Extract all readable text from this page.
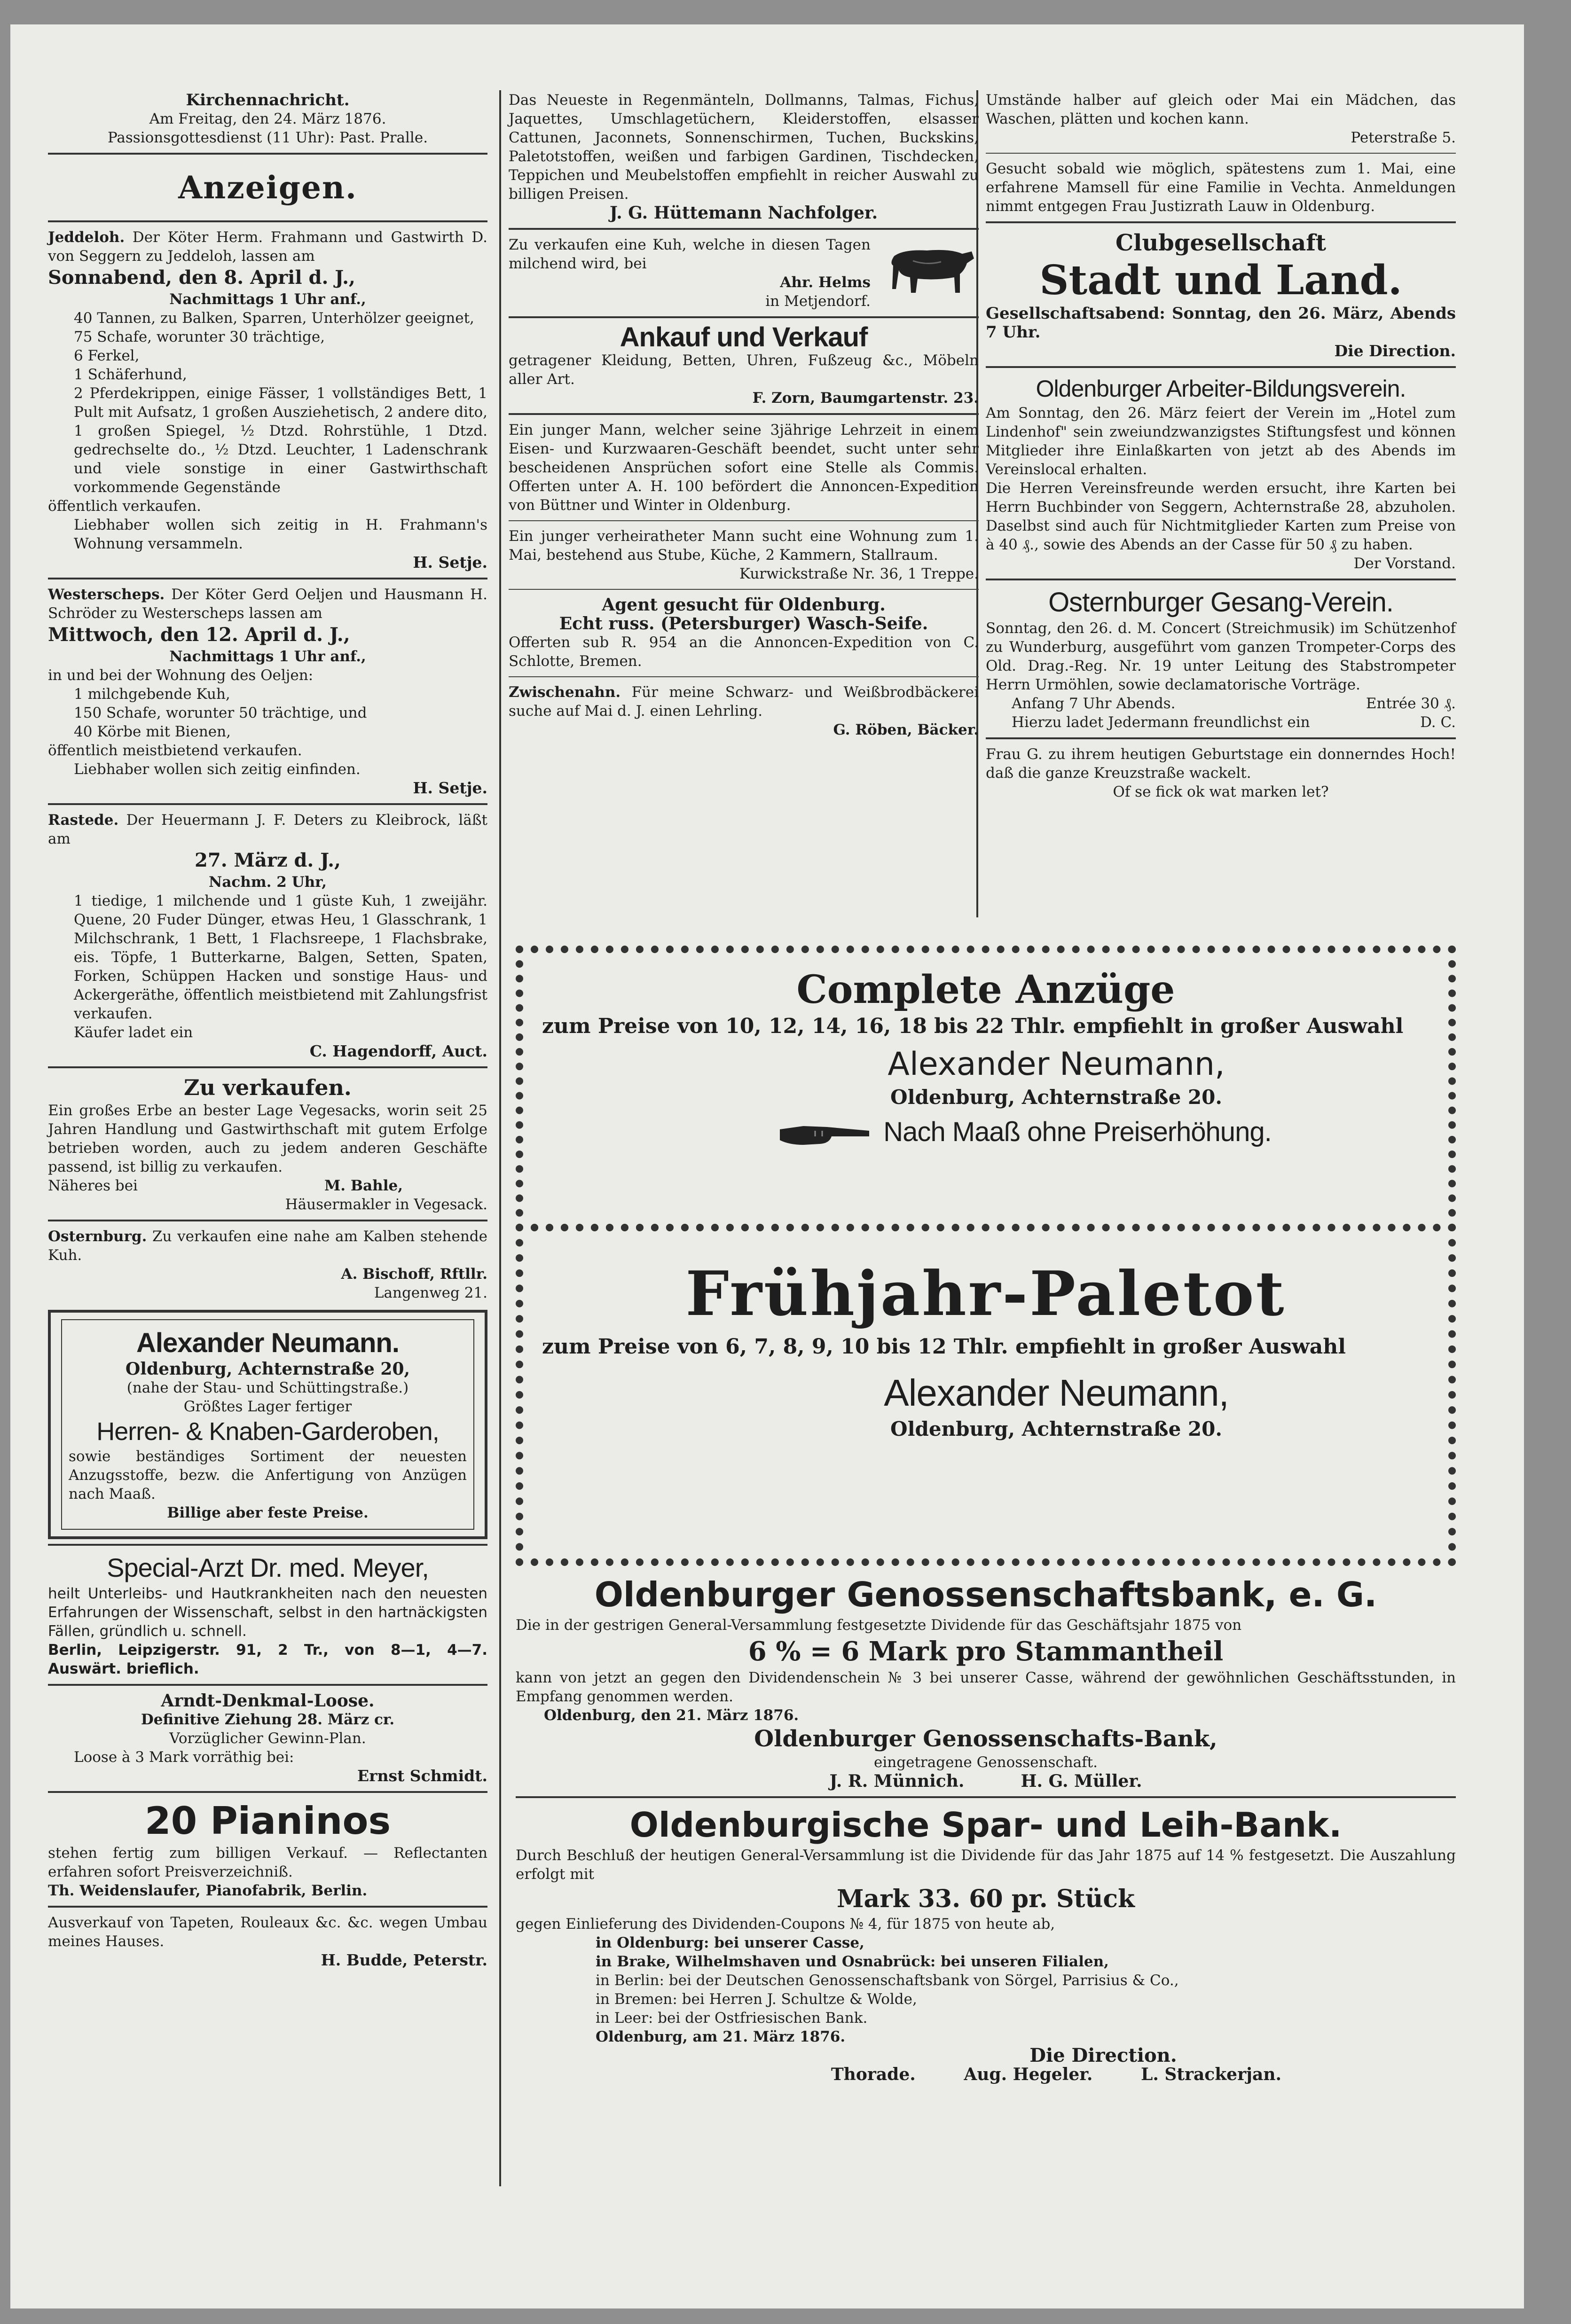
Kirchennachricht.

Am Freitag, den 24. März 1876.

Passionsgottesdienst (11 Uhr): Past. Pralle.

Anzeigen.

Jeddeloh. Der Köter Herm. Frahmann und Gastwirth D. von Seggern zu Jeddeloh, lassen am

Sonnabend, den 8. April d. J.,

Nachmittags 1 Uhr anf.,

40 Tannen, zu Balken, Sparren, Unterhölzer geeignet,

75 Schafe, worunter 30 trächtige,

6 Ferkel,

1 Schäferhund,

2 Pferdekrippen, einige Fässer, 1 vollständiges Bett, 1 Pult mit Aufsatz, 1 großen Ausziehetisch, 2 andere dito, 1 großen Spiegel, ½ Dtzd. Rohrstühle, 1 Dtzd. gedrechselte do., ½ Dtzd. Leuchter, 1 Ladenschrank und viele sonstige in einer Gastwirthschaft vorkommende Gegenstände

öffentlich verkaufen.

Liebhaber wollen sich zeitig in H. Frahmann's Wohnung versammeln.

H. Setje.

Westerscheps. Der Köter Gerd Oeljen und Hausmann H. Schröder zu Westerscheps lassen am

Mittwoch, den 12. April d. J.,

Nachmittags 1 Uhr anf.,

in und bei der Wohnung des Oeljen:

1 milchgebende Kuh,

150 Schafe, worunter 50 trächtige, und

40 Körbe mit Bienen,

öffentlich meistbietend verkaufen.

Liebhaber wollen sich zeitig einfinden.

H. Setje.

Rastede. Der Heuermann J. F. Deters zu Kleibrock, läßt am

27. März d. J.,

Nachm. 2 Uhr,

1 tiedige, 1 milchende und 1 güste Kuh, 1 zweijähr. Quene, 20 Fuder Dünger, etwas Heu, 1 Glasschrank, 1 Milchschrank, 1 Bett, 1 Flachsreepe, 1 Flachsbrake, eis. Töpfe, 1 Butterkarne, Balgen, Setten, Spaten, Forken, Schüppen Hacken und sonstige Haus- und Ackergeräthe, öffentlich meistbietend mit Zahlungsfrist verkaufen.

Käufer ladet ein

C. Hagendorff, Auct.

Zu verkaufen.

Ein großes Erbe an bester Lage Vegesacks, worin seit 25 Jahren Handlung und Gastwirthschaft mit gutem Erfolge betrieben worden, auch zu jedem anderen Geschäfte passend, ist billig zu verkaufen.

Näheres bei	M. Bahle,

Häusermakler in Vegesack.

Osternburg. Zu verkaufen eine nahe am Kalben stehende Kuh.

A. Bischoff, Rftllr.

Langenweg 21.

Alexander Neumann.

Oldenburg, Achternstraße 20,

(nahe der Stau- und Schüttingstraße.)

Größtes Lager fertiger

Herren- & Knaben-Garderoben,

sowie beständiges Sortiment der neuesten Anzugsstoffe, bezw. die Anfertigung von Anzügen nach Maaß.

Billige aber feste Preise.

Special-Arzt Dr. med. Meyer,

heilt Unterleibs- und Hautkrankheiten nach den neuesten Erfahrungen der Wissenschaft, selbst in den hartnäckigsten Fällen, gründlich u. schnell.

Berlin, Leipzigerstr. 91, 2 Tr., von 8—1, 4—7. Auswärt. brieflich.

Arndt-Denkmal-Loose.

Definitive Ziehung 28. März cr.

Vorzüglicher Gewinn-Plan.

Loose à 3 Mark vorräthig bei:

Ernst Schmidt.

20 Pianinos

stehen fertig zum billigen Verkauf. — Reflectanten erfahren sofort Preisverzeichniß.

Th. Weidenslaufer, Pianofabrik, Berlin.

Ausverkauf von Tapeten, Rouleaux &c. &c. wegen Umbau meines Hauses.

H. Budde, Peterstr.

Das Neueste in Regenmänteln, Dollmanns, Talmas, Fichus, Jaquettes, Umschlagetüchern, Kleiderstoffen, elsasser Cattunen, Jaconnets, Sonnenschirmen, Tuchen, Buckskins, Paletotstoffen, weißen und farbigen Gardinen, Tischdecken, Teppichen und Meubelstoffen empfiehlt in reicher Auswahl zu billigen Preisen.

J. G. Hüttemann Nachfolger.

Zu verkaufen eine Kuh, welche in diesen Tagen milchend wird, bei

Ahr. Helms

in Metjendorf.

Ankauf und Verkauf

getragener Kleidung, Betten, Uhren, Fußzeug &c., Möbeln aller Art.

F. Zorn, Baumgartenstr. 23.

Ein junger Mann, welcher seine 3jährige Lehrzeit in einem Eisen- und Kurzwaaren-Geschäft beendet, sucht unter sehr bescheidenen Ansprüchen sofort eine Stelle als Commis. Offerten unter A. H. 100 befördert die Annoncen-Expedition von Büttner und Winter in Oldenburg.

Ein junger verheiratheter Mann sucht eine Wohnung zum 1. Mai, bestehend aus Stube, Küche, 2 Kammern, Stallraum.

Kurwickstraße Nr. 36, 1 Treppe.

Agent gesucht für Oldenburg.

Echt russ. (Petersburger) Wasch-Seife.

Offerten sub R. 954 an die Annoncen-Expedition von C. Schlotte, Bremen.

Zwischenahn. Für meine Schwarz- und Weißbrodbäckerei suche auf Mai d. J. einen Lehrling.

G. Röben, Bäcker.

Umstände halber auf gleich oder Mai ein Mädchen, das Waschen, plätten und kochen kann.

Peterstraße 5.

Gesucht sobald wie möglich, spätestens zum 1. Mai, eine erfahrene Mamsell für eine Familie in Vechta. Anmeldungen nimmt entgegen Frau Justizrath Lauw in Oldenburg.

Clubgesellschaft

Stadt und Land.

Gesellschaftsabend: Sonntag, den 26. März, Abends 7 Uhr.

Die Direction.

Oldenburger Arbeiter-Bildungsverein.

Am Sonntag, den 26. März feiert der Verein im „Hotel zum Lindenhof" sein zweiundzwanzigstes Stiftungsfest und können Mitglieder ihre Einlaßkarten von jetzt ab des Abends im Vereinslocal erhalten.

Die Herren Vereinsfreunde werden ersucht, ihre Karten bei Herrn Buchbinder von Seggern, Achternstraße 28, abzuholen. Daselbst sind auch für Nichtmitglieder Karten zum Preise von à 40 ₰., sowie des Abends an der Casse für 50 ₰ zu haben.

Der Vorstand.

Osternburger Gesang-Verein.

Sonntag, den 26. d. M. Concert (Streichmusik) im Schützenhof zu Wunderburg, ausgeführt vom ganzen Trompeter-Corps des Old. Drag.-Reg. Nr. 19 unter Leitung des Stabstrompeter Herrn Urmöhlen, sowie declamatorische Vorträge.

Anfang 7 Uhr Abends.	Entrée 30 ₰.

Hierzu ladet Jedermann freundlichst ein	D. C.

Frau G. zu ihrem heutigen Geburtstage ein donnerndes Hoch! daß die ganze Kreuzstraße wackelt.

Of se fick ok wat marken let?

Complete Anzüge

zum Preise von 10, 12, 14, 16, 18 bis 22 Thlr. empfiehlt in großer Auswahl

Alexander Neumann,

Oldenburg, Achternstraße 20.

Nach Maaß ohne Preiserhöhung.

Frühjahr-Paletot

zum Preise von 6, 7, 8, 9, 10 bis 12 Thlr. empfiehlt in großer Auswahl

Alexander Neumann,

Oldenburg, Achternstraße 20.

Oldenburger Genossenschaftsbank, e. G.

Die in der gestrigen General-Versammlung festgesetzte Dividende für das Geschäftsjahr 1875 von

6 % = 6 Mark pro Stammantheil

kann von jetzt an gegen den Dividendenschein № 3 bei unserer Casse, während der gewöhnlichen Geschäftsstunden, in Empfang genommen werden.

Oldenburg, den 21. März 1876.

Oldenburger Genossenschafts-Bank,

eingetragene Genossenschaft.

J. R. Münnich.	H. G. Müller.

Oldenburgische Spar- und Leih-Bank.

Durch Beschluß der heutigen General-Versammlung ist die Dividende für das Jahr 1875 auf 14 % festgesetzt. Die Auszahlung erfolgt mit

Mark 33. 60 pr. Stück

gegen Einlieferung des Dividenden-Coupons № 4, für 1875 von heute ab,

in Oldenburg: bei unserer Casse,

in Brake, Wilhelmshaven und Osnabrück: bei unseren Filialen,

in Berlin: bei der Deutschen Genossenschaftsbank von Sörgel, Parrisius & Co.,

in Bremen: bei Herren J. Schultze & Wolde,

in Leer: bei der Ostfriesischen Bank.

Oldenburg, am 21. März 1876.

Die Direction.

Thorade.	Aug. Hegeler.	L. Strackerjan.
